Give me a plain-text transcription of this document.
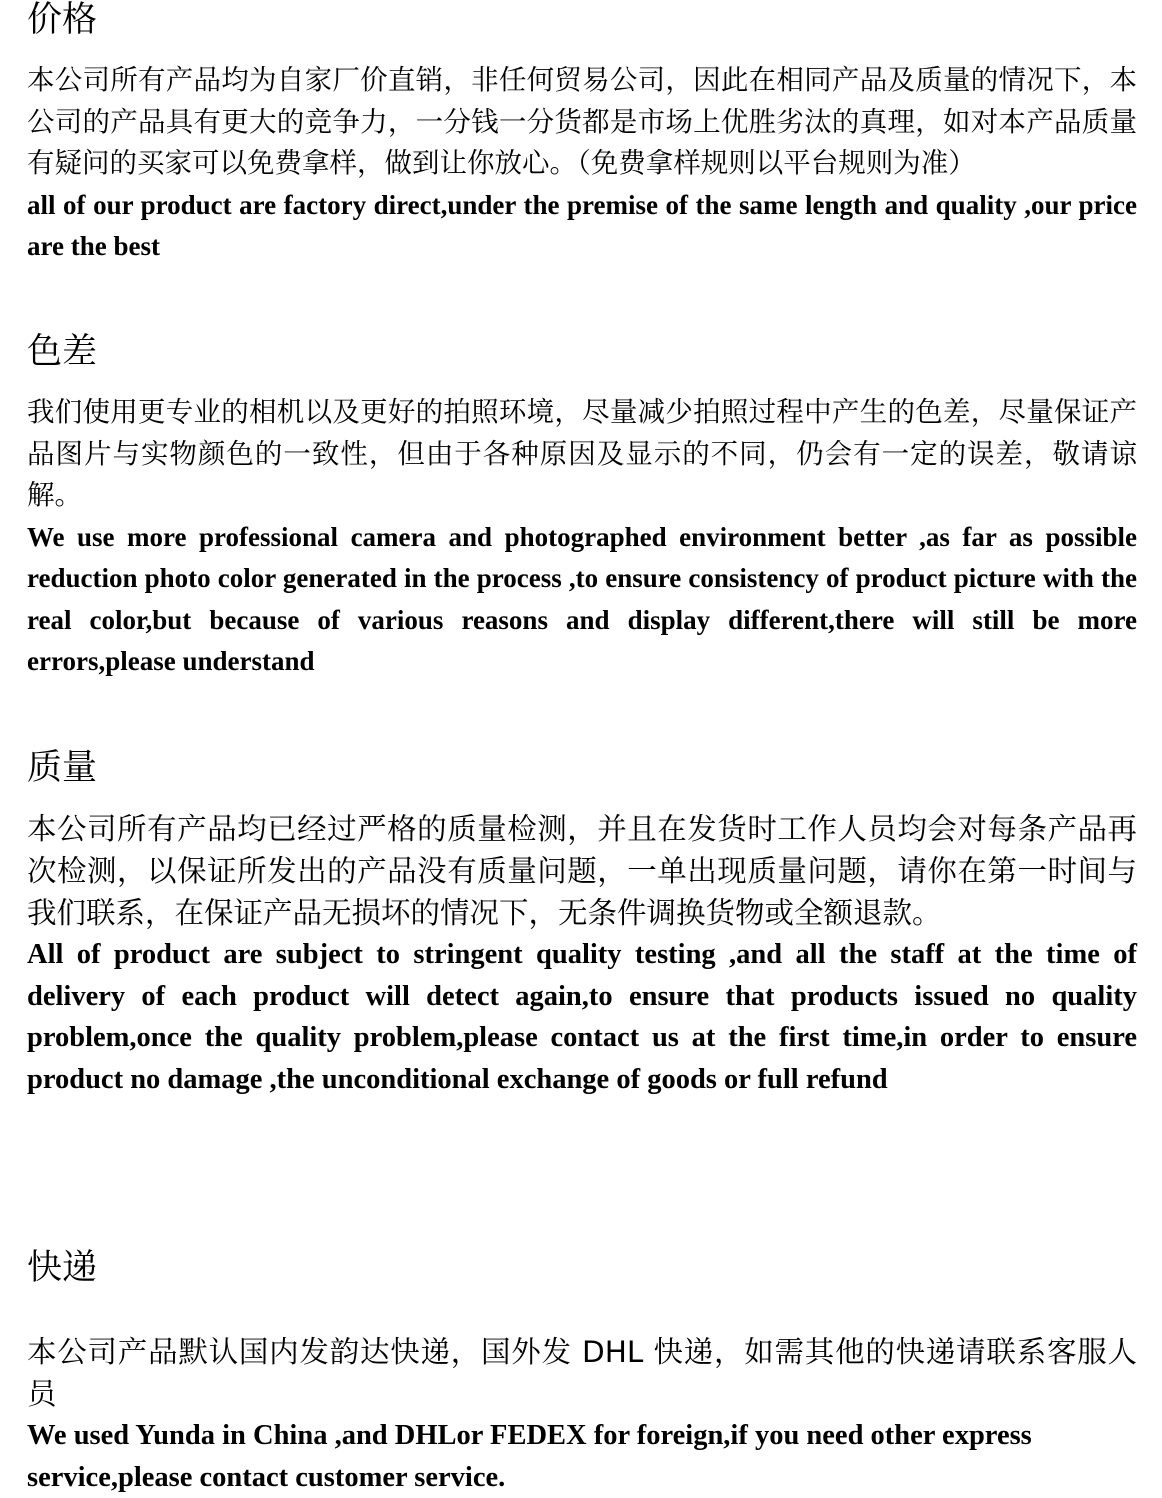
价格

本公司所有产品均为自家厂价直销，非任何贸易公司，因此在相同产品及质量的情况下，本公司的产品具有更大的竞争力，一分钱一分货都是市场上优胜劣汰的真理，如对本产品质量有疑问的买家可以免费拿样，做到让你放心。（免费拿样规则以平台规则为准）

all of our product are factory direct,under the premise of the same length and quality ,our price are the best

色差

我们使用更专业的相机以及更好的拍照环境，尽量减少拍照过程中产生的色差，尽量保证产品图片与实物颜色的一致性，但由于各种原因及显示的不同，仍会有一定的误差，敬请谅解。

We use more professional camera and photographed environment better ,as far as possible reduction photo color generated in the process ,to ensure consistency of product picture with the real color,but because of various reasons and display different,there will still be more errors,please understand

质量

本公司所有产品均已经过严格的质量检测，并且在发货时工作人员均会对每条产品再次检测，以保证所发出的产品没有质量问题，一单出现质量问题，请你在第一时间与我们联系，在保证产品无损坏的情况下，无条件调换货物或全额退款。

All of product are subject to stringent quality testing ,and all the staff at the time of delivery of each product will detect again,to ensure that products issued no quality problem,once the quality problem,please contact us at the first time,in order to ensure product no damage ,the unconditional exchange of goods or full refund

快递

本公司产品默认国内发韵达快递，国外发 DHL 快递，如需其他的快递请联系客服人员

We used Yunda in China ,and DHLor FEDEX for foreign,if you need other express service,please contact customer service.
